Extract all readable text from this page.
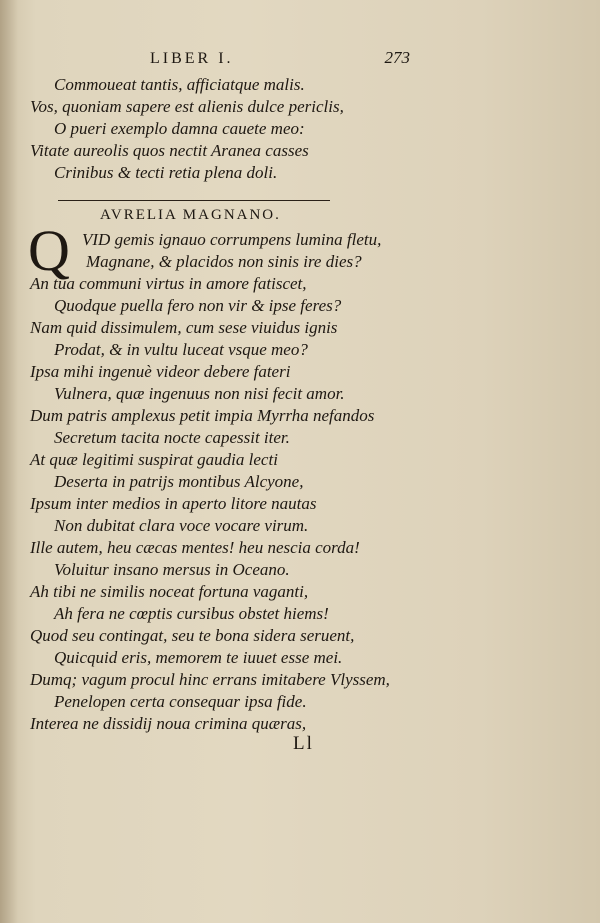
LIBER I.	273
Commoueat tantis, afficiatque malis.
Vos, quoniam sapere est alienis dulce periclis,
O pueri exemplo damna cauete meo:
Vitate aureolis quos nectit Aranea casses
Crinibus & tecti retia plena doli.
AVRELIA MAGNANO.
Q VID gemis ignauo corrumpens lumina fletu,
Magnane, & placidos non sinis ire dies?
An tua communi virtus in amore fatiscet,
Quodque puella fero non vir & ipse feres?
Nam quid dissimulem, cum sese viuidus ignis
Prodat, & in vultu luceat vsque meo?
Ipsa mihi ingenuè videor debere fateri
Vulnera, quæ ingenuus non nisi fecit amor.
Dum patris amplexus petit impia Myrrha nefandos
Secretum tacita nocte capessit iter.
At quæ legitimi suspirat gaudia lecti
Deserta in patrijs montibus Alcyone,
Ipsum inter medios in aperto litore nautas
Non dubitat clara voce vocare virum.
Ille autem, heu cæcas mentes! heu nescia corda!
Voluitur insano mersus in Oceano.
Ah tibi ne similis noceat fortuna vaganti,
Ah fera ne cœptis cursibus obstet hiems!
Quod seu contingat, seu te bona sidera seruent,
Quicquid eris, memorem te iuuet esse mei.
Dumq; vagum procul hinc errans imitabere Vlyssem,
Penelopen certa consequar ipsa fide.
Interea ne dissidij noua crimina quæras,
Ll
